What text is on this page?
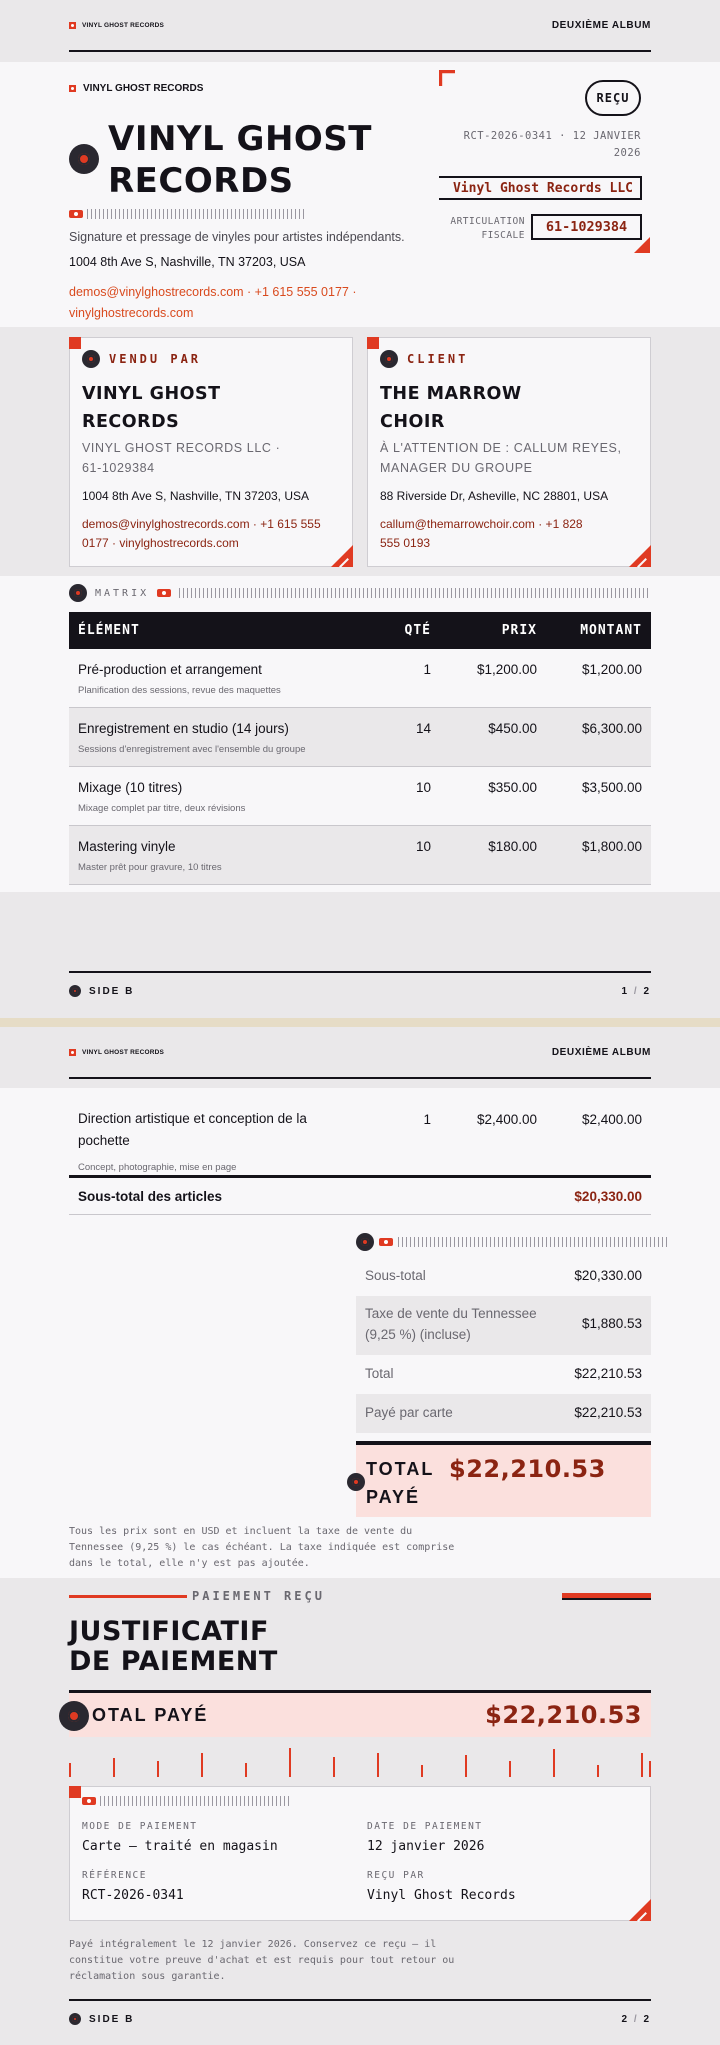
VINYL GHOST RECORDS	DEUXIÈME ALBUM
VINYL GHOST RECORDS
VINYL GHOST
RECORDS
Signature et pressage de vinyles pour artistes indépendants.
1004 8th Ave S, Nashville, TN 37203, USA
demos@vinylghostrecords.com · +1 615 555 0177 ·
vinylghostrecords.com
REÇU
RCT-2026-0341 · 12 JANVIER
2026
Vinyl Ghost Records LLC
ARTICULATION
FISCALE
61-1029384
VENDU PAR
VINYL GHOST
RECORDS
VINYL GHOST RECORDS LLC ·
61-1029384
1004 8th Ave S, Nashville, TN 37203, USA
demos@vinylghostrecords.com · +1 615 555
0177 · vinylghostrecords.com
CLIENT
THE MARROW
CHOIR
À L'ATTENTION DE : CALLUM REYES,
MANAGER DU GROUPE
88 Riverside Dr, Asheville, NC 28801, USA
callum@themarrowchoir.com · +1 828
555 0193
MATRIX
ÉLÉMENT	QTÉ	PRIX	MONTANT
Pré-production et arrangement
Planification des sessions, revue des maquettes
1	$1,200.00	$1,200.00
Enregistrement en studio (14 jours)
Sessions d'enregistrement avec l'ensemble du groupe
14	$450.00	$6,300.00
Mixage (10 titres)
Mixage complet par titre, deux révisions
10	$350.00	$3,500.00
Mastering vinyle
Master prêt pour gravure, 10 titres
10	$180.00	$1,800.00
SIDE B	1 / 2
VINYL GHOST RECORDS	DEUXIÈME ALBUM
Direction artistique et conception de la
pochette
Concept, photographie, mise en page
1	$2,400.00	$2,400.00
Sous-total des articles	$20,330.00
Sous-total	$20,330.00
Taxe de vente du Tennessee
(9,25 %) (incluse)
$1,880.53
Total	$22,210.53
Payé par carte	$22,210.53
TOTAL
PAYÉ
$22,210.53
Tous les prix sont en USD et incluent la taxe de vente du
Tennessee (9,25 %) le cas échéant. La taxe indiquée est comprise
dans le total, elle n'y est pas ajoutée.
PAIEMENT REÇU
JUSTIFICATIF
DE PAIEMENT
OTAL PAYÉ	$22,210.53
MODE DE PAIEMENT
Carte — traité en magasin
DATE DE PAIEMENT
12 janvier 2026
RÉFÉRENCE
RCT-2026-0341
REÇU PAR
Vinyl Ghost Records
Payé intégralement le 12 janvier 2026. Conservez ce reçu — il
constitue votre preuve d'achat et est requis pour tout retour ou
réclamation sous garantie.
SIDE B	2 / 2
